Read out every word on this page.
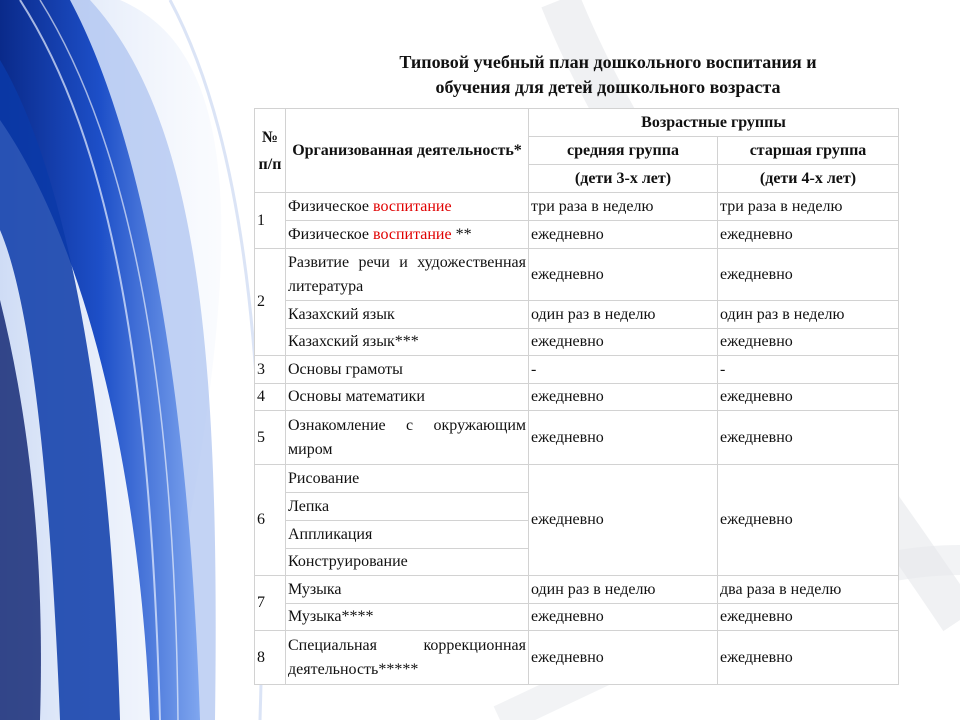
Типовой учебный план дошкольного воспитания и
обучения для детей дошкольного возраста
№ п/п	Организованная деятельность*	Возрастные группы	
		средняя группа	старшая группа
		(дети 3-х лет)	(дети 4-х лет)
1	Физическое воспитание	три раза в неделю	три раза в неделю
	Физическое воспитание **	ежедневно	ежедневно
2	Развитие речи и художественная литература	ежедневно	ежедневно
	Казахский язык	один раз в неделю	один раз в неделю
	Казахский язык***	ежедневно	ежедневно
3	Основы грамоты	-	-
4	Основы математики	ежедневно	ежедневно
5	Ознакомление с окружающим миром	ежедневно	ежедневно
6	Рисование	ежедневно	ежедневно
	Лепка		
	Аппликация		
	Конструирование		
7	Музыка	один раз в неделю	два раза в неделю
	Музыка****	ежедневно	ежедневно
8	Специальная коррекционная деятельность*****	ежедневно	ежедневно
